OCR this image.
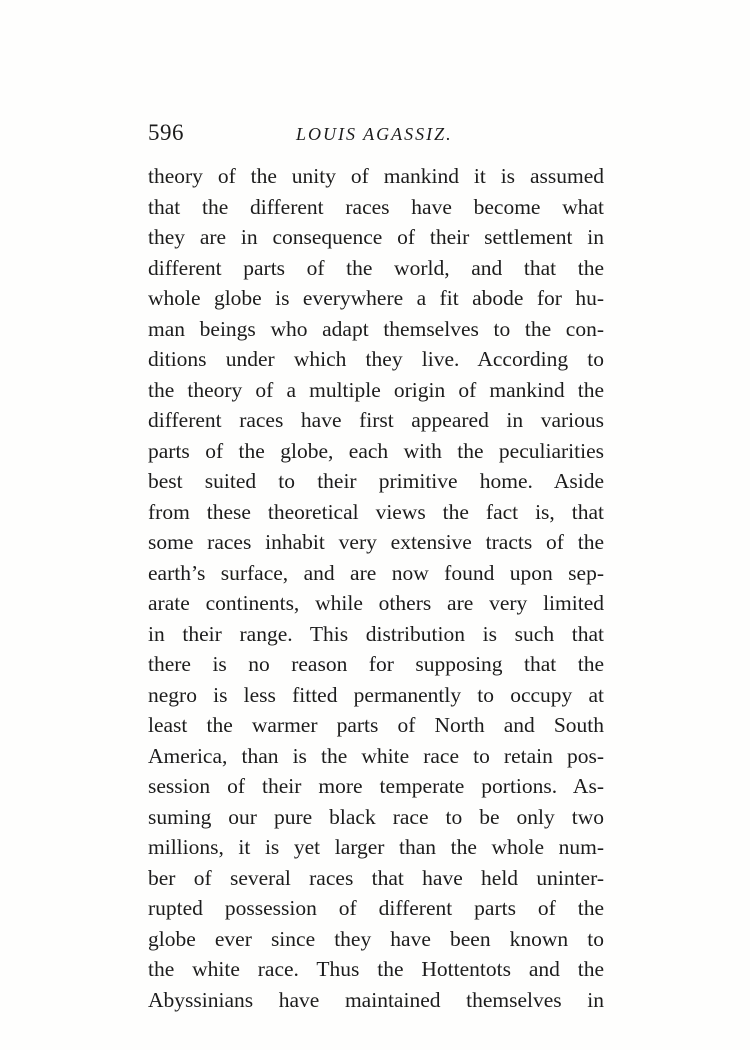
596	LOUIS AGASSIZ.
theory of the unity of mankind it is assumed
that the different races have become what
they are in consequence of their settlement in
different parts of the world, and that the
whole globe is everywhere a fit abode for hu-
man beings who adapt themselves to the con-
ditions under which they live. According to
the theory of a multiple origin of mankind the
different races have first appeared in various
parts of the globe, each with the peculiarities
best suited to their primitive home. Aside
from these theoretical views the fact is, that
some races inhabit very extensive tracts of the
earth’s surface, and are now found upon sep-
arate continents, while others are very limited
in their range. This distribution is such that
there is no reason for supposing that the
negro is less fitted permanently to occupy at
least the warmer parts of North and South
America, than is the white race to retain pos-
session of their more temperate portions. As-
suming our pure black race to be only two
millions, it is yet larger than the whole num-
ber of several races that have held uninter-
rupted possession of different parts of the
globe ever since they have been known to
the white race. Thus the Hottentots and the
Abyssinians have maintained themselves in
